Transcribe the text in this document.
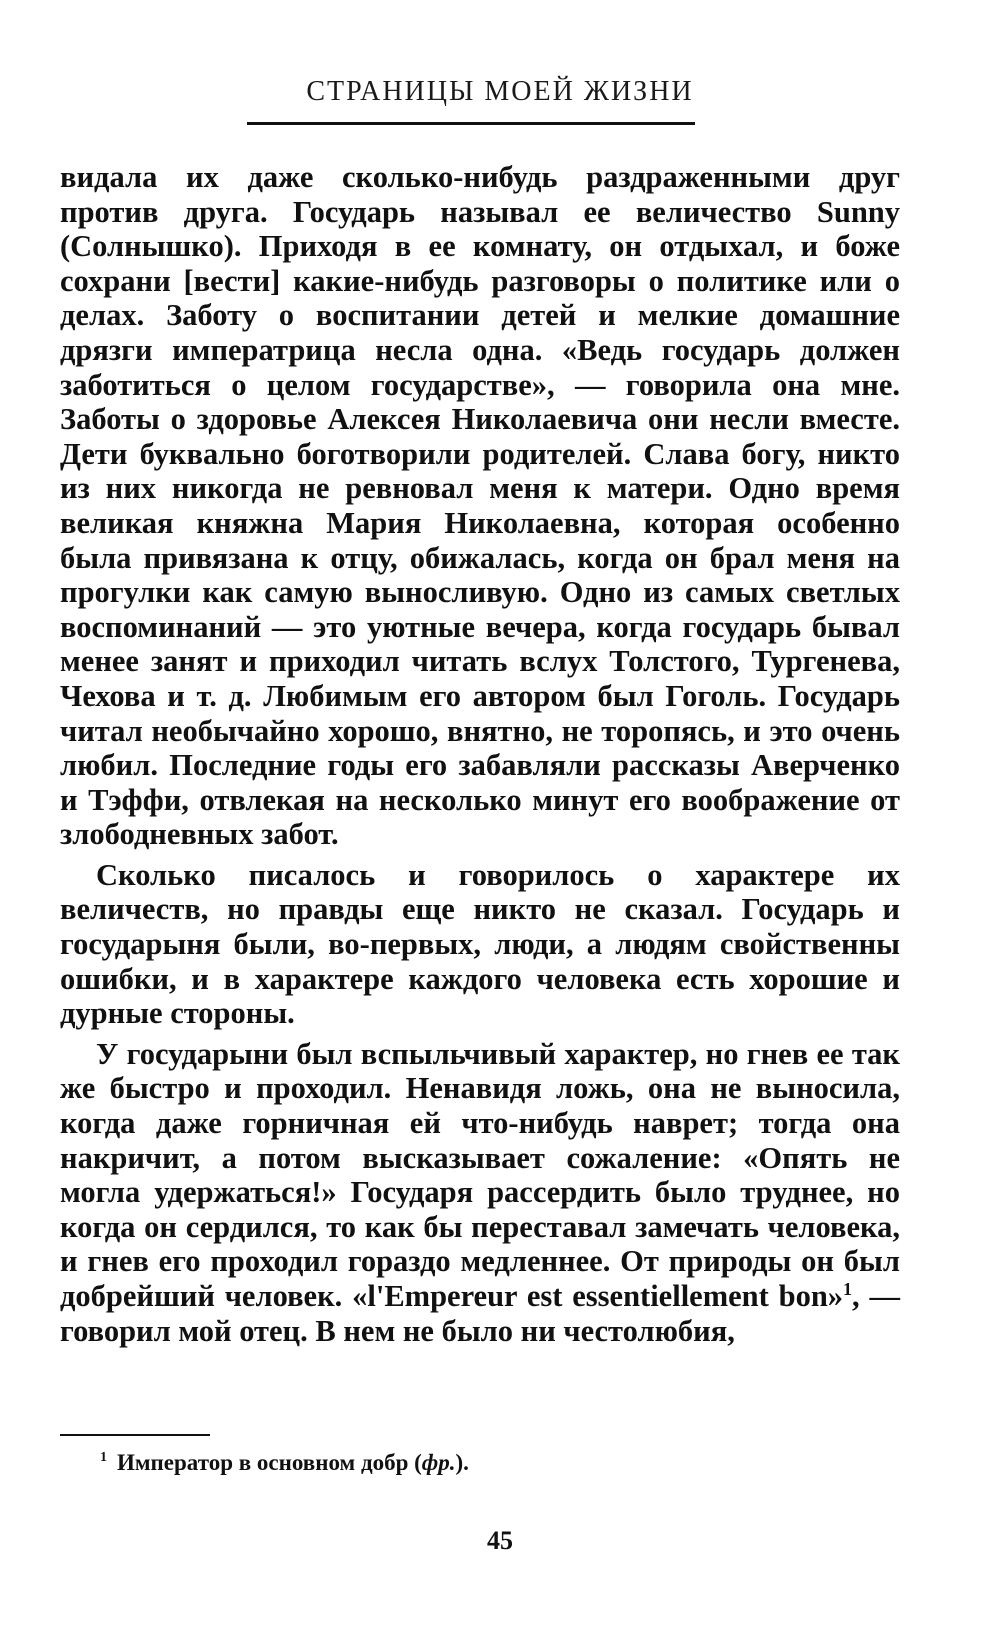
СТРАНИЦЫ МОЕЙ ЖИЗНИ

видала их даже сколько-нибудь раздраженными друг против друга. Государь называл ее величество Sunny (Солнышко). Приходя в ее комнату, он отдыхал, и боже сохрани [вести] какие-нибудь разговоры о политике или о делах. Заботу о воспитании детей и мелкие домашние дрязги императрица несла одна. «Ведь государь должен заботиться о целом государстве», — говорила она мне. Заботы о здоровье Алексея Николаевича они несли вместе. Дети буквально боготворили родителей. Слава богу, никто из них никогда не ревновал меня к матери. Одно время великая княжна Мария Николаевна, которая особенно была привязана к отцу, обижалась, когда он брал меня на прогулки как самую выносливую. Одно из самых светлых воспоминаний — это уютные вечера, когда государь бывал менее занят и приходил читать вслух Толстого, Тургенева, Чехова и т. д. Любимым его автором был Гоголь. Государь читал необычайно хорошо, внятно, не торопясь, и это очень любил. Последние годы его забавляли рассказы Аверченко и Тэффи, отвлекая на несколько минут его воображение от злободневных забот.

Сколько писалось и говорилось о характере их величеств, но правды еще никто не сказал. Государь и государыня были, во-первых, люди, а людям свойственны ошибки, и в характере каждого человека есть хорошие и дурные стороны.

У государыни был вспыльчивый характер, но гнев ее так же быстро и проходил. Ненавидя ложь, она не выносила, когда даже горничная ей что-нибудь наврет; тогда она накричит, а потом высказывает сожаление: «Опять не могла удержаться!» Государя рассердить было труднее, но когда он сердился, то как бы переставал замечать человека, и гнев его проходил гораздо медленнее. От природы он был добрейший человек. «l'Empereur est essentiellement bon»$^1$, — говорил мой отец. В нем не было ни честолюбия,

$^1$ Император в основном добр (фр.).
45
